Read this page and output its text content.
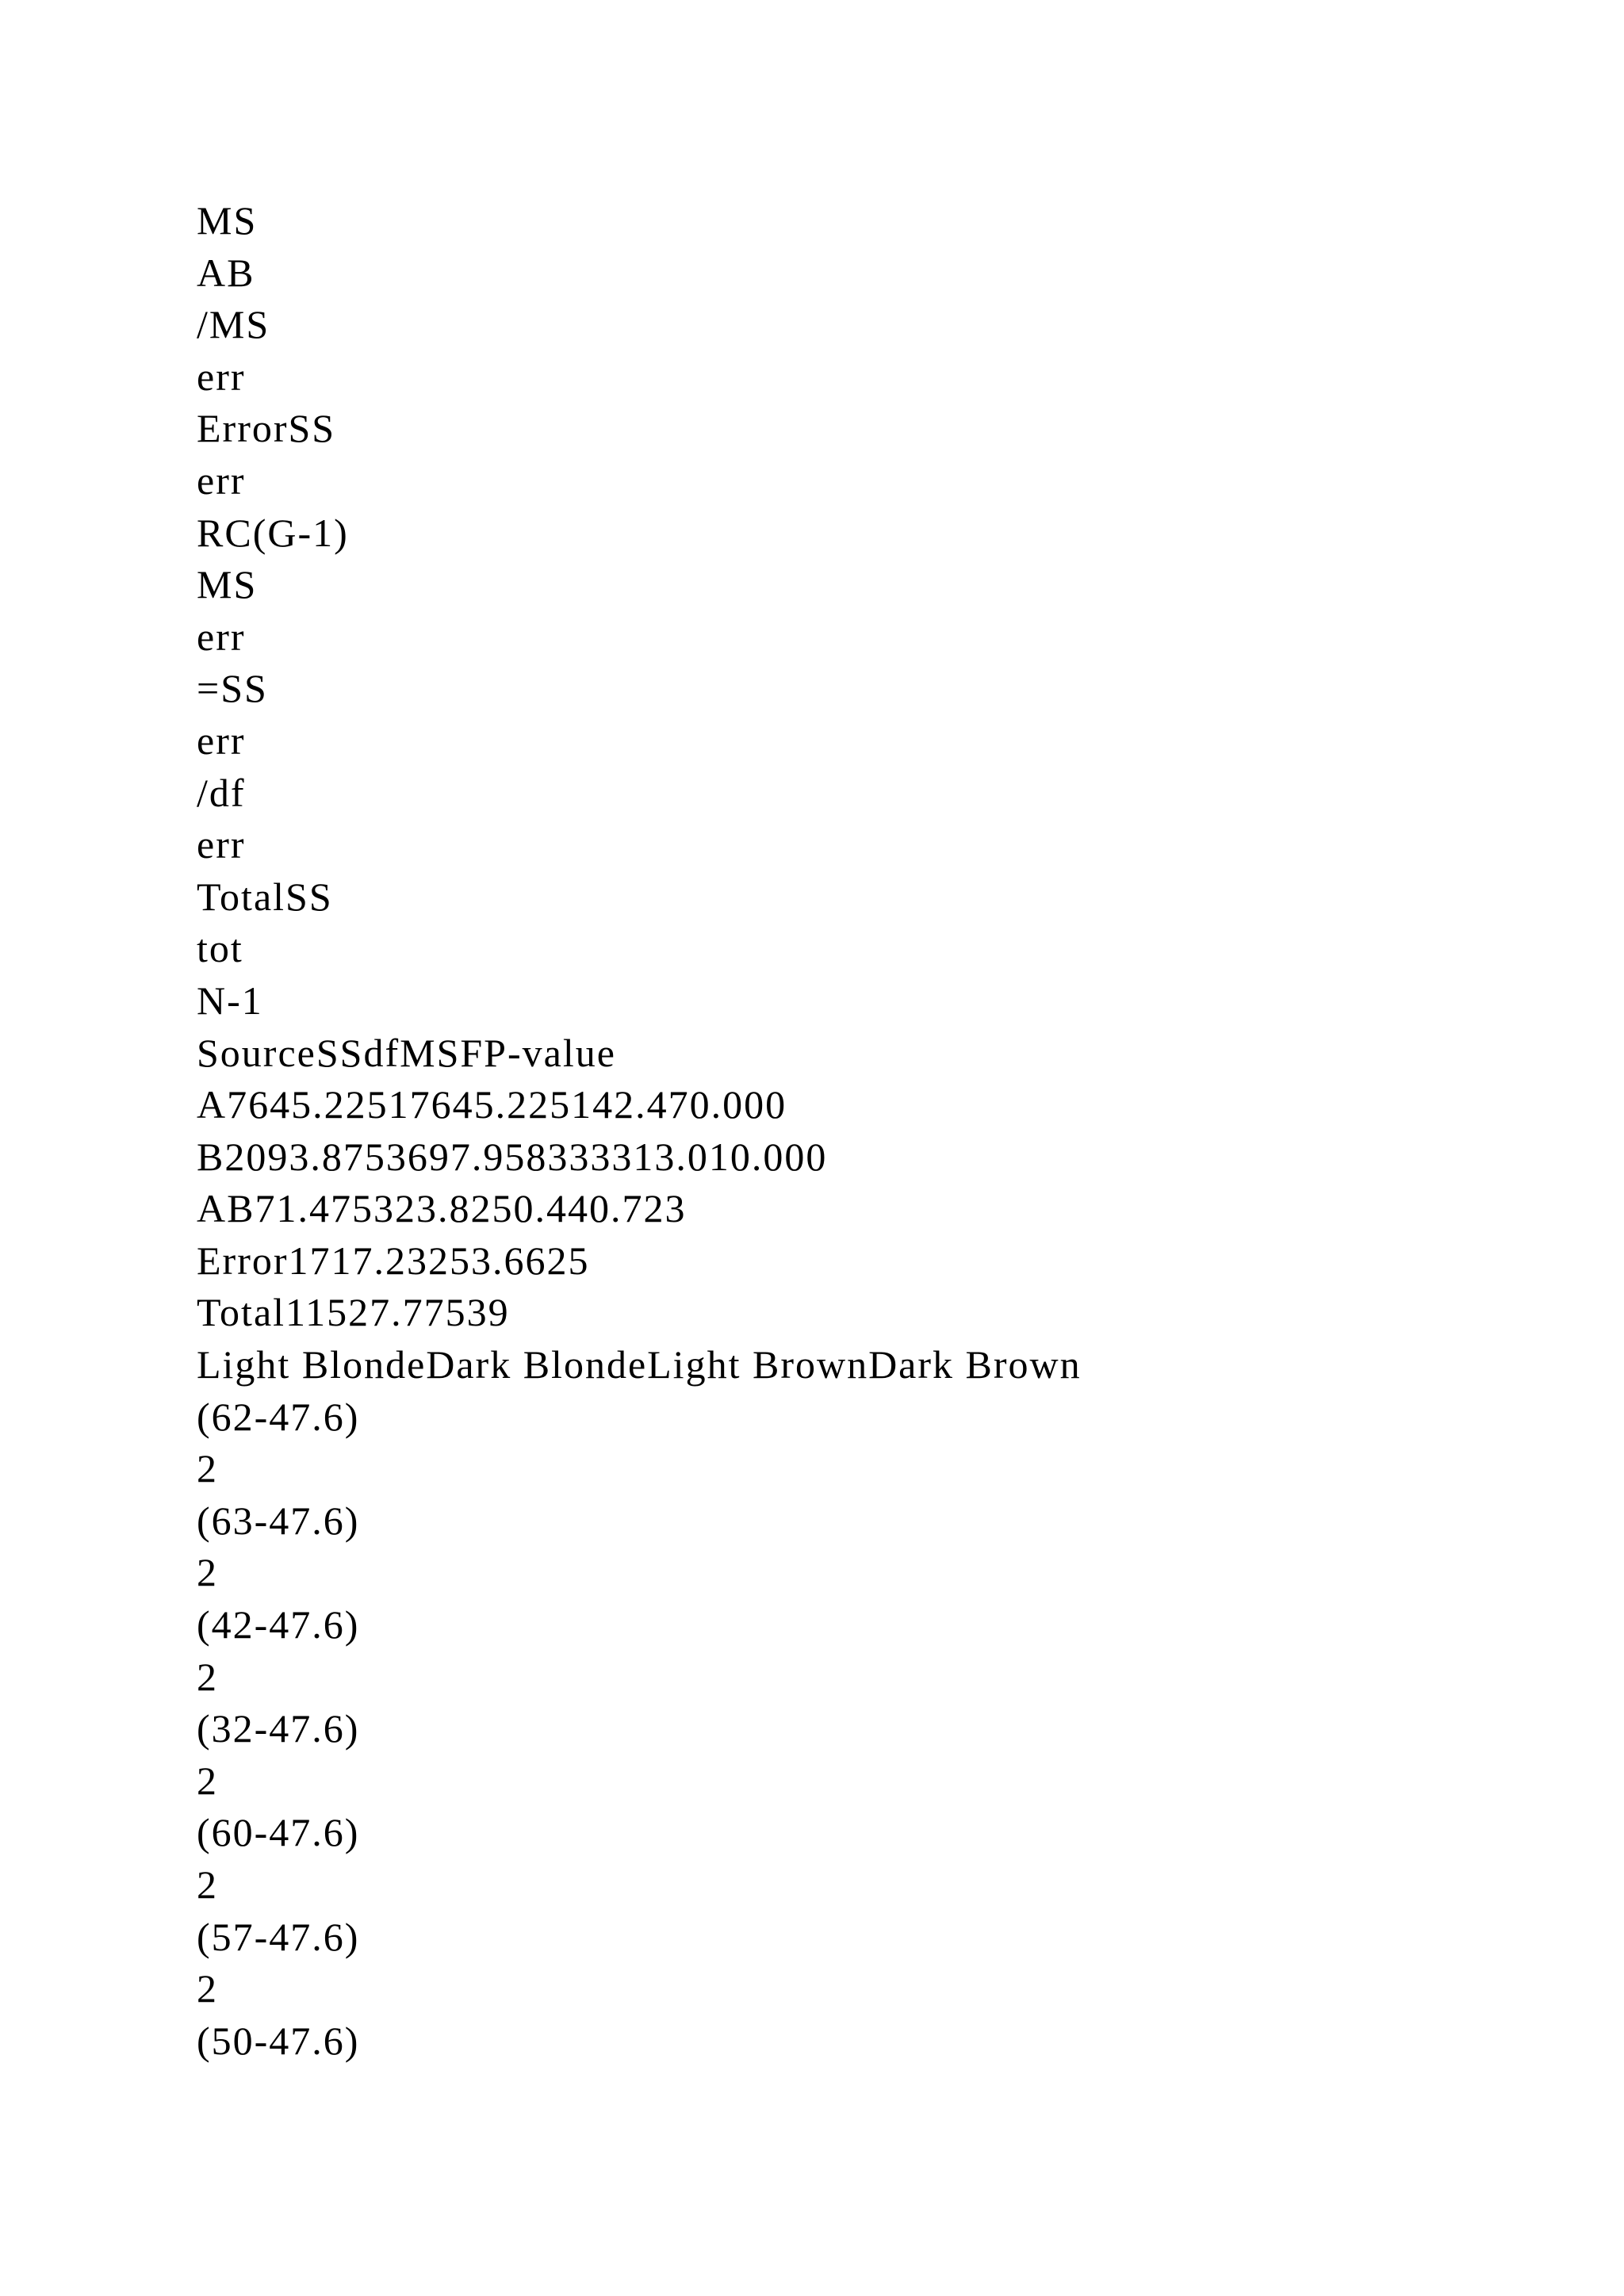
MS
AB
/MS
err
ErrorSS
err
RC(G-1)
MS
err
=SS
err
/df
err
TotalSS
tot
N-1
SourceSSdfMSFP-value
A7645.22517645.225142.470.000
B2093.8753697.958333313.010.000
AB71.475323.8250.440.723
Error1717.23253.6625
Total11527.77539
Light BlondeDark BlondeLight BrownDark Brown
(62-47.6)
2
(63-47.6)
2
(42-47.6)
2
(32-47.6)
2
(60-47.6)
2
(57-47.6)
2
(50-47.6)
